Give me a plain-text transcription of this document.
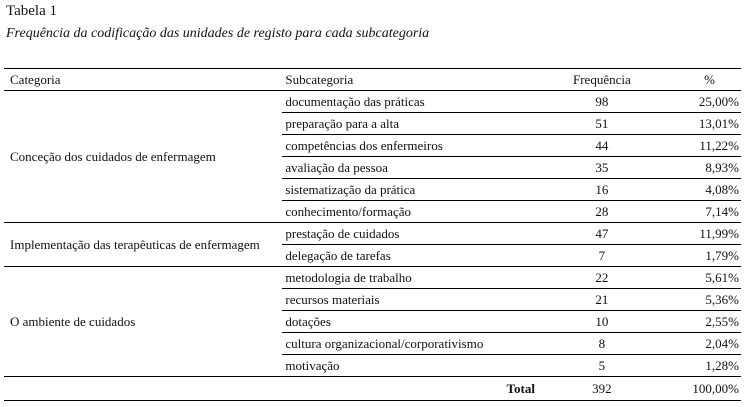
Tabela 1
Frequência da codificação das unidades de registo para cada subcategoria
Categoria	Subcategoria	Frequência	%
Conceção dos cuidados de enfermagem	documentação das práticas	98	25,00%
	preparação para a alta	51	13,01%
	competências dos enfermeiros	44	11,22%
	avaliação da pessoa	35	8,93%
	sistematização da prática	16	4,08%
	conhecimento/formação	28	7,14%
Implementação das terapêuticas de enfermagem	prestação de cuidados	47	11,99%
	delegação de tarefas	7	1,79%
O ambiente de cuidados	metodologia de trabalho	22	5,61%
	recursos materiais	21	5,36%
	dotações	10	2,55%
	cultura organizacional/corporativismo	8	2,04%
	motivação	5	1,28%
	Total	392	100,00%
